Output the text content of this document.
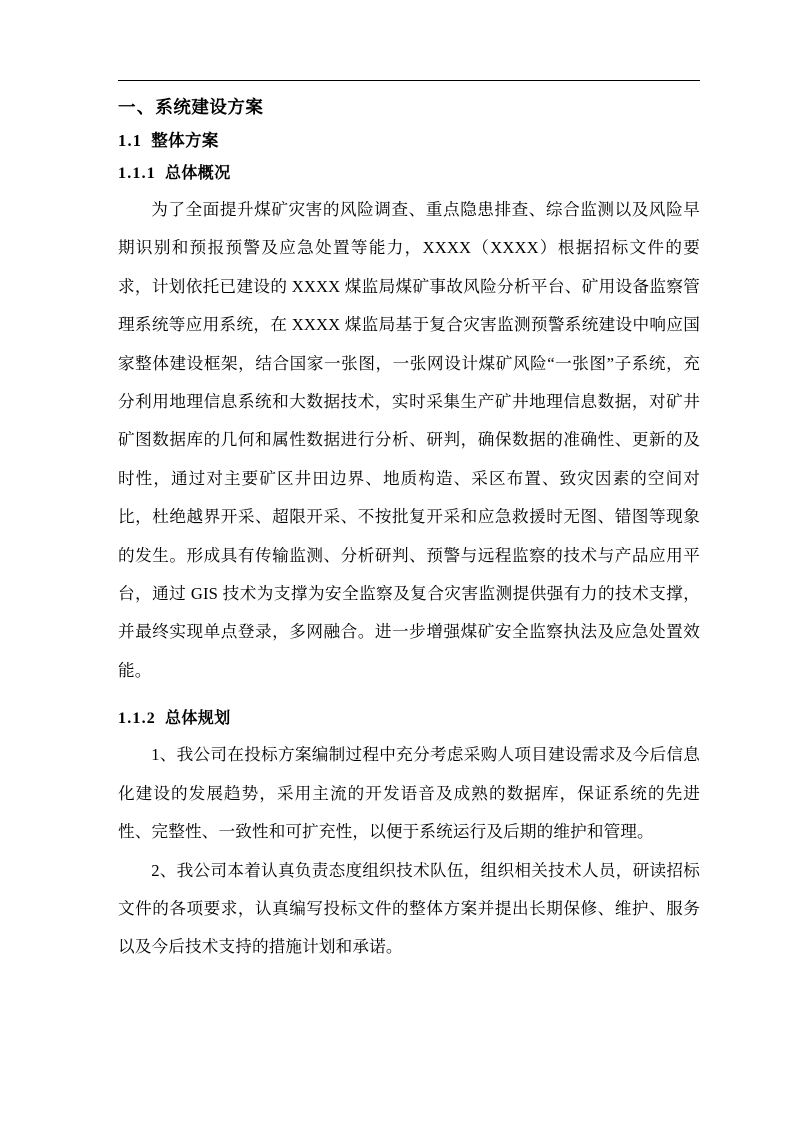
一、系统建设方案
1.1 整体方案
1.1.1 总体概况

为了全面提升煤矿灾害的风险调查、重点隐患排查、综合监测以及风险早期识别和预报预警及应急处置等能力，XXXX（XXXX）根据招标文件的要求，计划依托已建设的 XXXX 煤监局煤矿事故风险分析平台、矿用设备监察管理系统等应用系统，在 XXXX 煤监局基于复合灾害监测预警系统建设中响应国家整体建设框架，结合国家一张图，一张网设计煤矿风险“一张图”子系统，充分利用地理信息系统和大数据技术，实时采集生产矿井地理信息数据，对矿井矿图数据库的几何和属性数据进行分析、研判，确保数据的准确性、更新的及时性，通过对主要矿区井田边界、地质构造、采区布置、致灾因素的空间对比，杜绝越界开采、超限开采、不按批复开采和应急救援时无图、错图等现象的发生。形成具有传输监测、分析研判、预警与远程监察的技术与产品应用平台，通过 GIS 技术为支撑为安全监察及复合灾害监测提供强有力的技术支撑，并最终实现单点登录，多网融合。进一步增强煤矿安全监察执法及应急处置效能。

1.1.2 总体规划

1、我公司在投标方案编制过程中充分考虑采购人项目建设需求及今后信息化建设的发展趋势，采用主流的开发语音及成熟的数据库，保证系统的先进性、完整性、一致性和可扩充性，以便于系统运行及后期的维护和管理。

2、我公司本着认真负责态度组织技术队伍，组织相关技术人员，研读招标文件的各项要求，认真编写投标文件的整体方案并提出长期保修、维护、服务以及今后技术支持的措施计划和承诺。
